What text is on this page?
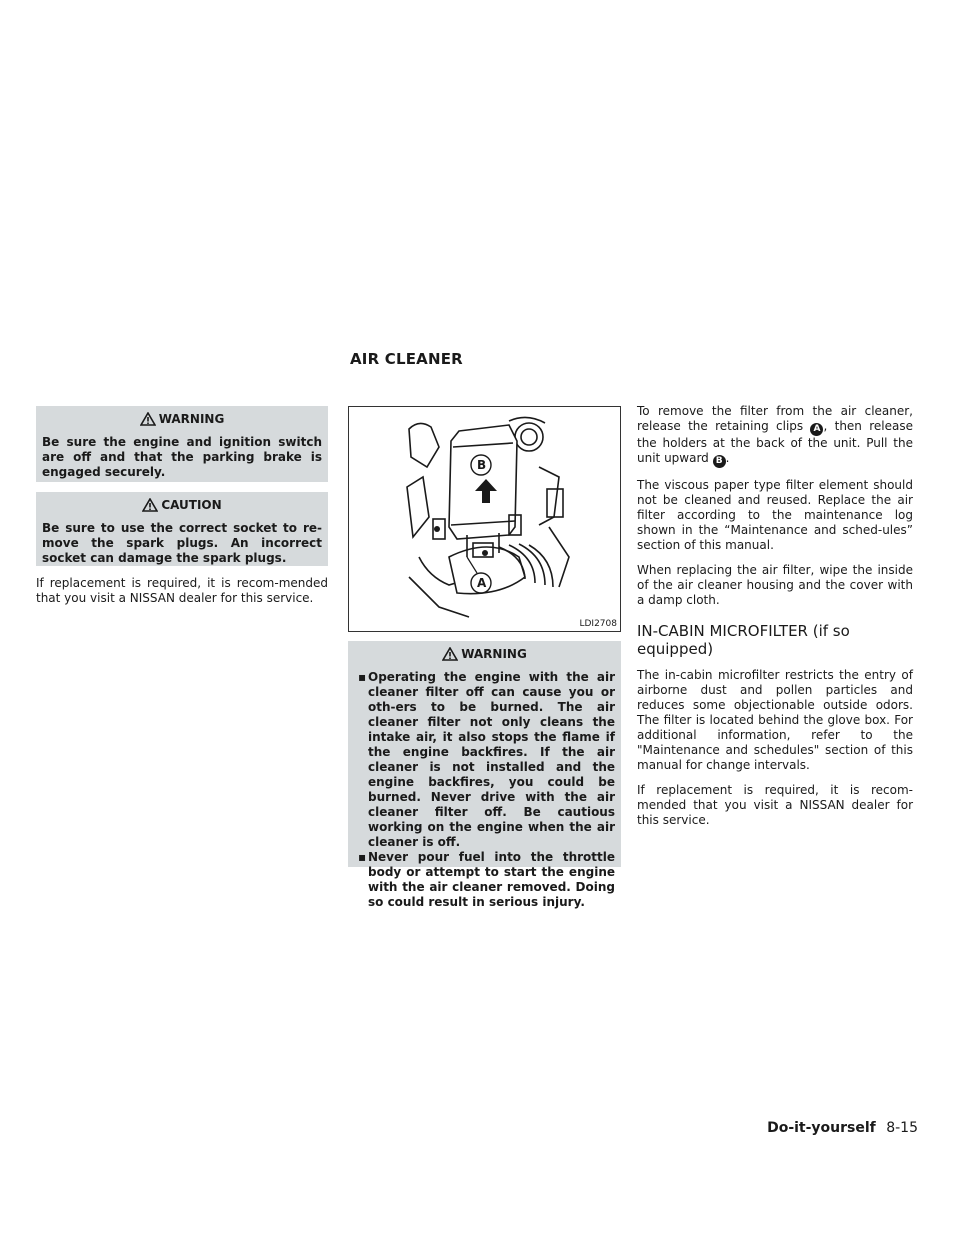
AIR CLEANER
WARNING
Be sure the engine and ignition switch are off and that the parking brake is engaged securely.
CAUTION
Be sure to use the correct socket to re-move the spark plugs. An incorrect socket can damage the spark plugs.

If replacement is required, it is recom-mended that you visit a NISSAN dealer for this service.

B
A
LDI2708
WARNING
▪ Operating the engine with the air cleaner filter off can cause you or oth-ers to be burned. The air cleaner filter not only cleans the intake air, it also stops the flame if the engine backfires. If the air cleaner is not installed and the engine backfires, you could be burned. Never drive with the air cleaner filter off. Be cautious working on the engine when the air cleaner is off.
▪ Never pour fuel into the throttle body or attempt to start the engine with the air cleaner removed. Doing so could result in serious injury.

To remove the filter from the air cleaner, release the retaining clips A , then release the holders at the back of the unit. Pull the unit upward B .

The viscous paper type filter element should not be cleaned and reused. Replace the air filter according to the maintenance log shown in the “Maintenance and sched-ules” section of this manual.

When replacing the air filter, wipe the inside of the air cleaner housing and the cover with a damp cloth.

IN-CABIN MICROFILTER (if so equipped)

The in-cabin microfilter restricts the entry of airborne dust and pollen particles and reduces some objectionable outside odors. The filter is located behind the glove box. For additional information, refer to the "Maintenance and schedules" section of this manual for change intervals.

If replacement is required, it is recom-mended that you visit a NISSAN dealer for this service.

Do-it-yourself 8-15
